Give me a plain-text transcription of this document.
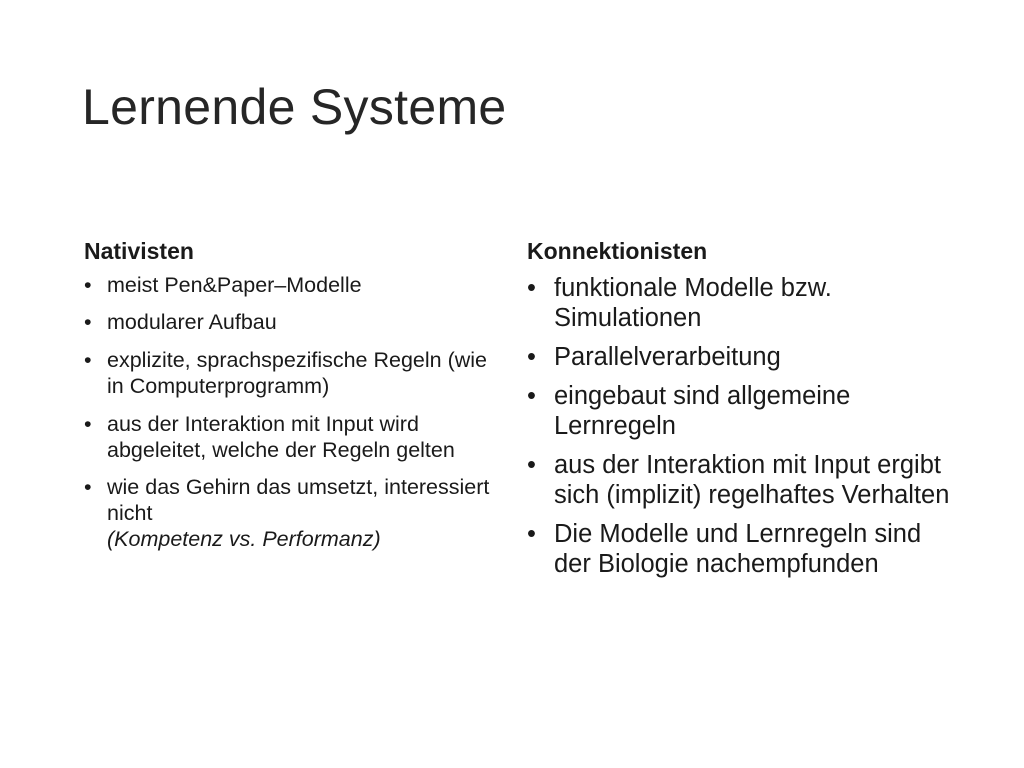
Lernende Systeme
Nativisten
• meist Pen&Paper–Modelle
• modularer Aufbau
• explizite, sprachspezifische Regeln (wie in Computerprogramm)
• aus der Interaktion mit Input wird abgeleitet, welche der Regeln gelten
• wie das Gehirn das umsetzt, interessiert nicht
(Kompetenz vs. Performanz)
Konnektionisten
• funktionale Modelle bzw. Simulationen
• Parallelverarbeitung
• eingebaut sind allgemeine Lernregeln
• aus der Interaktion mit Input ergibt sich (implizit) regelhaftes Verhalten
• Die Modelle und Lernregeln sind der Biologie nachempfunden
